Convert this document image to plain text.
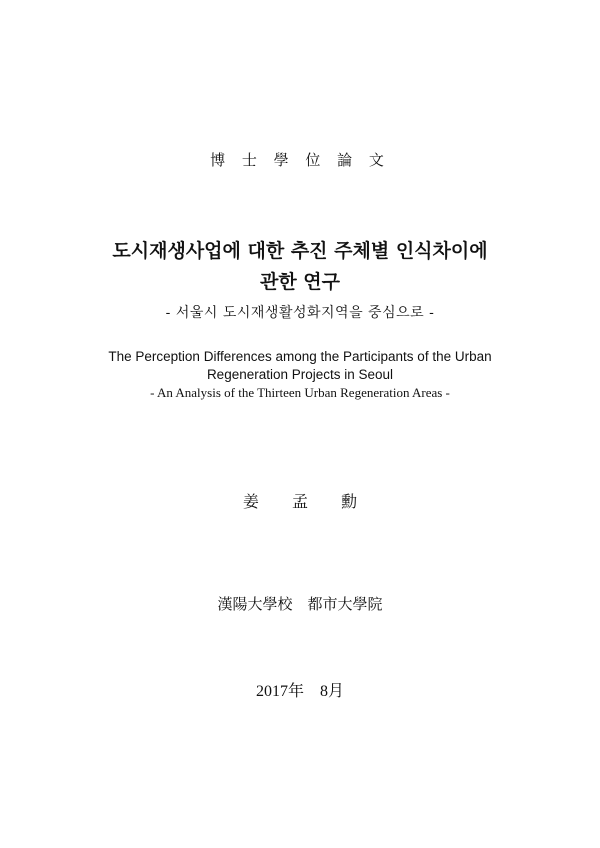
博 士 學 位 論 文
도시재생사업에 대한 추진 주체별 인식차이에
관한 연구
- 서울시 도시재생활성화지역을 중심으로 -
The Perception Differences among the Participants of the Urban
Regeneration Projects in Seoul
- An Analysis of the Thirteen Urban Regeneration Areas -
姜 孟 勳
漢陽大學校　都市大學院
2017年　8月
